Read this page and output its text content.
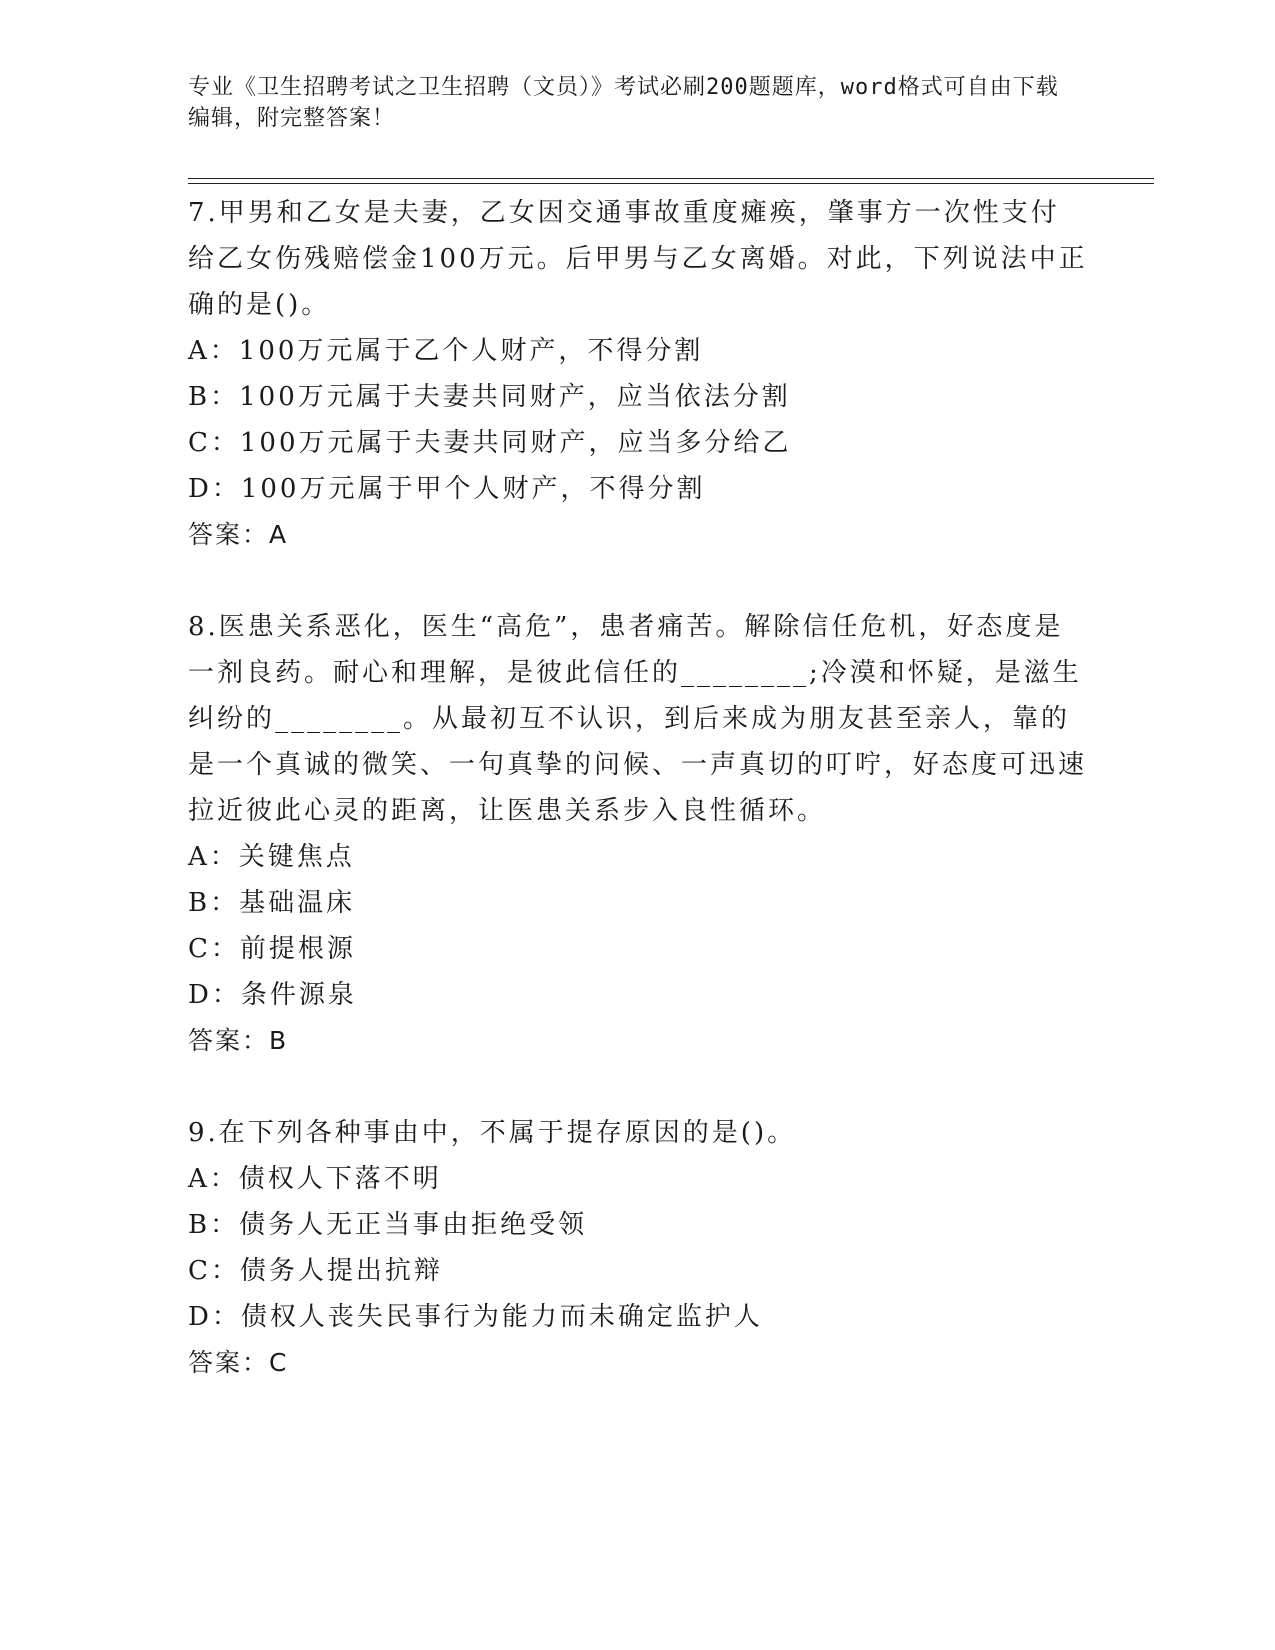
专业《卫生招聘考试之卫生招聘（文员）》考试必刷200题题库，word格式可自由下载编辑，附完整答案！

7.甲男和乙女是夫妻，乙女因交通事故重度瘫痪，肇事方一次性支付给乙女伤残赔偿金100万元。后甲男与乙女离婚。对此，下列说法中正确的是()。

A：100万元属于乙个人财产，不得分割

B：100万元属于夫妻共同财产，应当依法分割

C：100万元属于夫妻共同财产，应当多分给乙

D：100万元属于甲个人财产，不得分割

答案：A

8.医患关系恶化，医生“高危”，患者痛苦。解除信任危机，好态度是一剂良药。耐心和理解，是彼此信任的________;冷漠和怀疑，是滋生纠纷的________。从最初互不认识，到后来成为朋友甚至亲人，靠的是一个真诚的微笑、一句真挚的问候、一声真切的叮咛，好态度可迅速拉近彼此心灵的距离，让医患关系步入良性循环。

A：关键焦点

B：基础温床

C：前提根源

D：条件源泉

答案：B

9.在下列各种事由中，不属于提存原因的是()。

A：债权人下落不明

B：债务人无正当事由拒绝受领

C：债务人提出抗辩

D：债权人丧失民事行为能力而未确定监护人

答案：C
